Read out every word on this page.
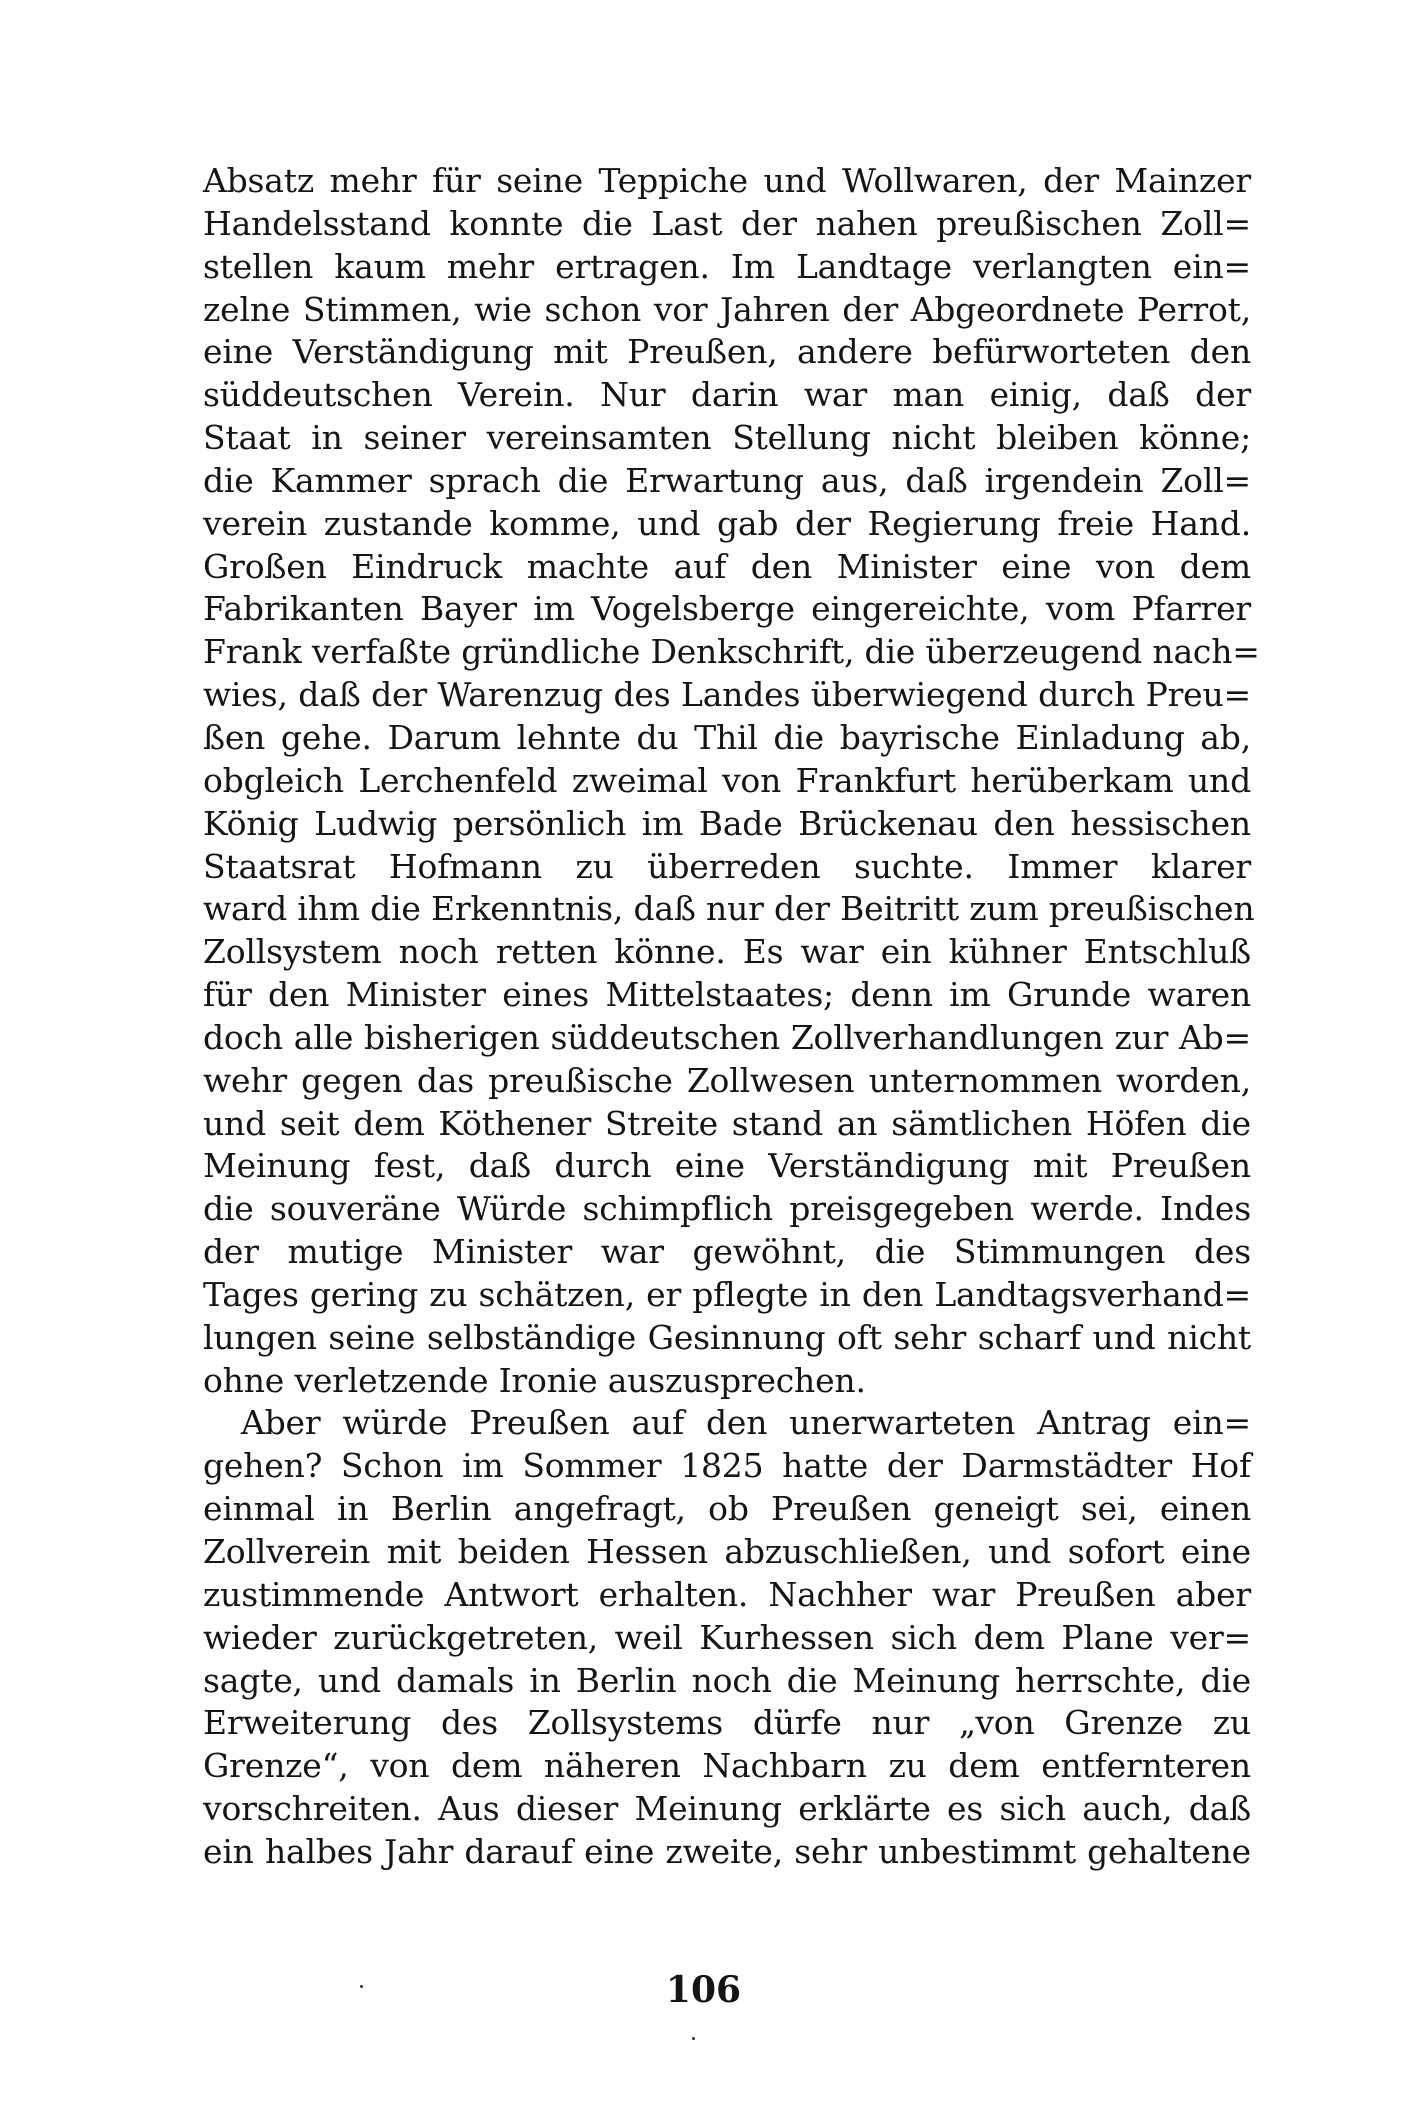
Absatz mehr für seine Teppiche und Wollwaren, der Mainzer
Handelsstand konnte die Last der nahen preußischen Zoll=
stellen kaum mehr ertragen. Im Landtage verlangten ein=
zelne Stimmen, wie schon vor Jahren der Abgeordnete Perrot,
eine Verständigung mit Preußen, andere befürworteten den
süddeutschen Verein. Nur darin war man einig, daß der
Staat in seiner vereinsamten Stellung nicht bleiben könne;
die Kammer sprach die Erwartung aus, daß irgendein Zoll=
verein zustande komme, und gab der Regierung freie Hand.
Großen Eindruck machte auf den Minister eine von dem
Fabrikanten Bayer im Vogelsberge eingereichte, vom Pfarrer
Frank verfaßte gründliche Denkschrift, die überzeugend nach=
wies, daß der Warenzug des Landes überwiegend durch Preu=
ßen gehe. Darum lehnte du Thil die bayrische Einladung ab,
obgleich Lerchenfeld zweimal von Frankfurt herüberkam und
König Ludwig persönlich im Bade Brückenau den hessischen
Staatsrat Hofmann zu überreden suchte. Immer klarer
ward ihm die Erkenntnis, daß nur der Beitritt zum preußischen
Zollsystem noch retten könne. Es war ein kühner Entschluß
für den Minister eines Mittelstaates; denn im Grunde waren
doch alle bisherigen süddeutschen Zollverhandlungen zur Ab=
wehr gegen das preußische Zollwesen unternommen worden,
und seit dem Köthener Streite stand an sämtlichen Höfen die
Meinung fest, daß durch eine Verständigung mit Preußen
die souveräne Würde schimpflich preisgegeben werde. Indes
der mutige Minister war gewöhnt, die Stimmungen des
Tages gering zu schätzen, er pflegte in den Landtagsverhand=
lungen seine selbständige Gesinnung oft sehr scharf und nicht
ohne verletzende Ironie auszusprechen.
Aber würde Preußen auf den unerwarteten Antrag ein=
gehen? Schon im Sommer 1825 hatte der Darmstädter Hof
einmal in Berlin angefragt, ob Preußen geneigt sei, einen
Zollverein mit beiden Hessen abzuschließen, und sofort eine
zustimmende Antwort erhalten. Nachher war Preußen aber
wieder zurückgetreten, weil Kurhessen sich dem Plane ver=
sagte, und damals in Berlin noch die Meinung herrschte, die
Erweiterung des Zollsystems dürfe nur „von Grenze zu
Grenze“, von dem näheren Nachbarn zu dem entfernteren
vorschreiten. Aus dieser Meinung erklärte es sich auch, daß
ein halbes Jahr darauf eine zweite, sehr unbestimmt gehaltene
106
